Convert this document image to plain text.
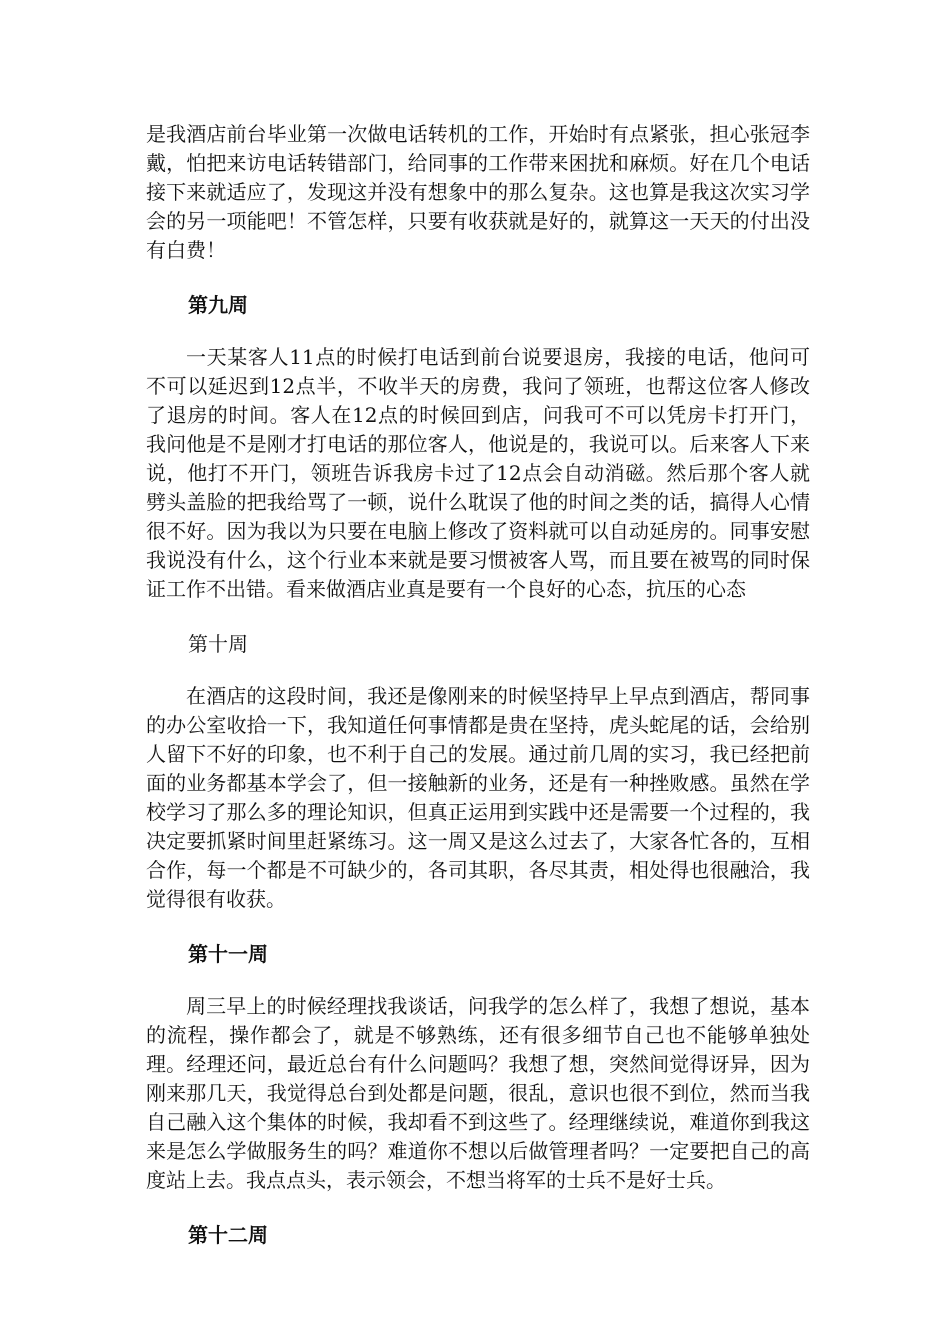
是我酒店前台毕业第一次做电话转机的工作，开始时有点紧张，担心张冠李戴，怕把来访电话转错部门，给同事的工作带来困扰和麻烦。好在几个电话接下来就适应了，发现这并没有想象中的那么复杂。这也算是我这次实习学会的另一项能吧！不管怎样，只要有收获就是好的，就算这一天天的付出没有白费！

第九周

一天某客人11点的时候打电话到前台说要退房，我接的电话，他问可不可以延迟到12点半，不收半天的房费，我问了领班，也帮这位客人修改了退房的时间。客人在12点的时候回到店，问我可不可以凭房卡打开门，我问他是不是刚才打电话的那位客人，他说是的，我说可以。后来客人下来说，他打不开门，领班告诉我房卡过了12点会自动消磁。然后那个客人就劈头盖脸的把我给骂了一顿，说什么耽误了他的时间之类的话，搞得人心情很不好。因为我以为只要在电脑上修改了资料就可以自动延房的。同事安慰我说没有什么，这个行业本来就是要习惯被客人骂，而且要在被骂的同时保证工作不出错。看来做酒店业真是要有一个良好的心态，抗压的心态

第十周

在酒店的这段时间，我还是像刚来的时候坚持早上早点到酒店，帮同事的办公室收拾一下，我知道任何事情都是贵在坚持，虎头蛇尾的话，会给别人留下不好的印象，也不利于自己的发展。通过前几周的实习，我已经把前面的业务都基本学会了，但一接触新的业务，还是有一种挫败感。虽然在学校学习了那么多的理论知识，但真正运用到实践中还是需要一个过程的，我决定要抓紧时间里赶紧练习。这一周又是这么过去了，大家各忙各的，互相合作，每一个都是不可缺少的，各司其职，各尽其责，相处得也很融洽，我觉得很有收获。

第十一周

周三早上的时候经理找我谈话，问我学的怎么样了，我想了想说，基本的流程，操作都会了，就是不够熟练，还有很多细节自己也不能够单独处理。经理还问，最近总台有什么问题吗？我想了想，突然间觉得讶异，因为刚来那几天，我觉得总台到处都是问题，很乱，意识也很不到位，然而当我自己融入这个集体的时候，我却看不到这些了。经理继续说，难道你到我这来是怎么学做服务生的吗？难道你不想以后做管理者吗？一定要把自己的高度站上去。我点点头，表示领会，不想当将军的士兵不是好士兵。

第十二周
